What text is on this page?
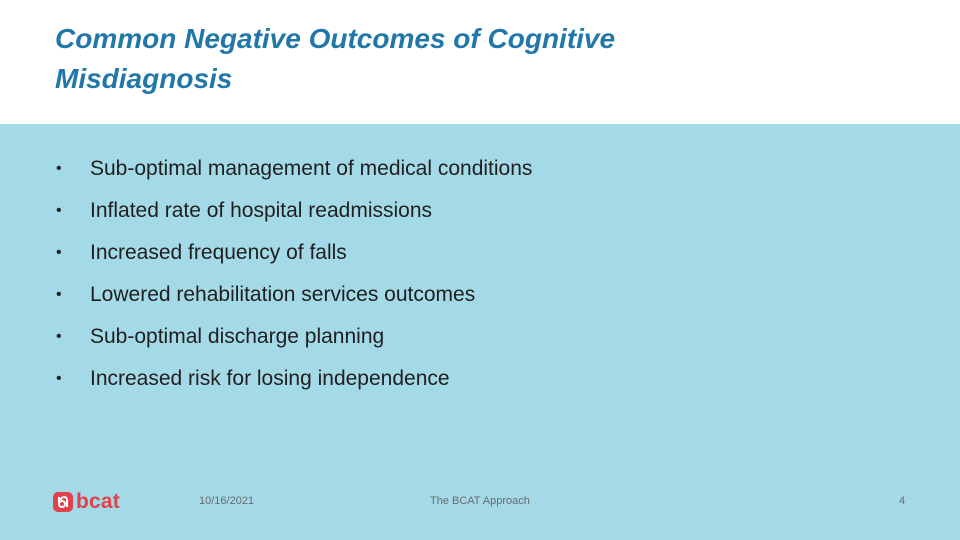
Common Negative Outcomes of Cognitive Misdiagnosis
•	Sub-optimal management of medical conditions
•	Inflated rate of hospital readmissions
•	Increased frequency of falls
•	Lowered rehabilitation services outcomes
•	Sub-optimal discharge planning
•	Increased risk for losing independence
bcat	10/16/2021	The BCAT Approach	4
